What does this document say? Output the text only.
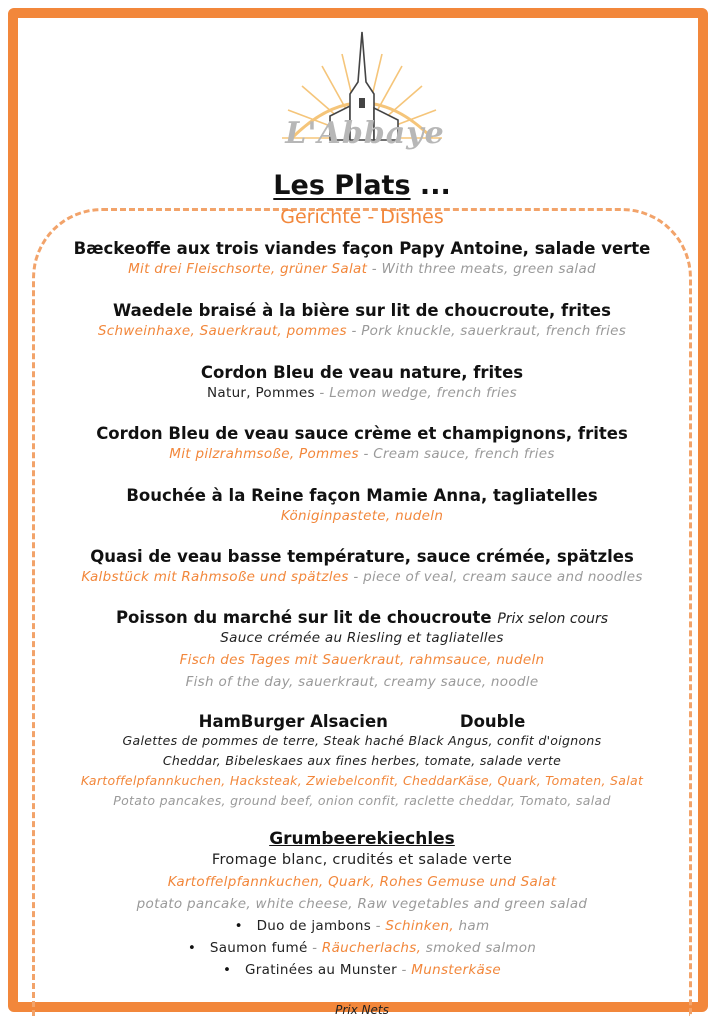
L'Abbaye
Les Plats ...
Gerichte - Dishes
Bæckeoffe aux trois viandes façon Papy Antoine, salade verte
Mit drei Fleischsorte, grüner Salat - With three meats, green salad
Waedele braisé à la bière sur lit de choucroute, frites
Schweinhaxe, Sauerkraut, pommes - Pork knuckle, sauerkraut, french fries
Cordon Bleu de veau nature, frites
Natur, Pommes - Lemon wedge, french fries
Cordon Bleu de veau sauce crème et champignons, frites
Mit pilzrahmsoße, Pommes - Cream sauce, french fries
Bouchée à la Reine façon Mamie Anna, tagliatelles
Königinpastete, nudeln
Quasi de veau basse température, sauce crémée, spätzles
Kalbstück mit Rahmsoße und spätzles - piece of veal, cream sauce and noodles
Poisson du marché sur lit de choucroute Prix selon cours
Sauce crémée au Riesling et tagliatelles
Fisch des Tages mit Sauerkraut, rahmsauce, nudeln
Fish of the day, sauerkraut, creamy sauce, noodle
HamBurger Alsacien	Double
Galettes de pommes de terre, Steak haché Black Angus, confit d'oignons
Cheddar, Bibeleskaes aux fines herbes, tomate, salade verte
Kartoffelpfannkuchen, Hacksteak, Zwiebelconfit, CheddarKäse, Quark, Tomaten, Salat
Potato pancakes, ground beef, onion confit, raclette cheddar, Tomato, salad
Grumbeerekiechles
Fromage blanc, crudités et salade verte
Kartoffelpfannkuchen, Quark, Rohes Gemuse und Salat
potato pancake, white cheese, Raw vegetables and green salad
• Duo de jambons - Schinken, ham
• Saumon fumé - Räucherlachs, smoked salmon
• Gratinées au Munster - Munsterkäse
Prix Nets
